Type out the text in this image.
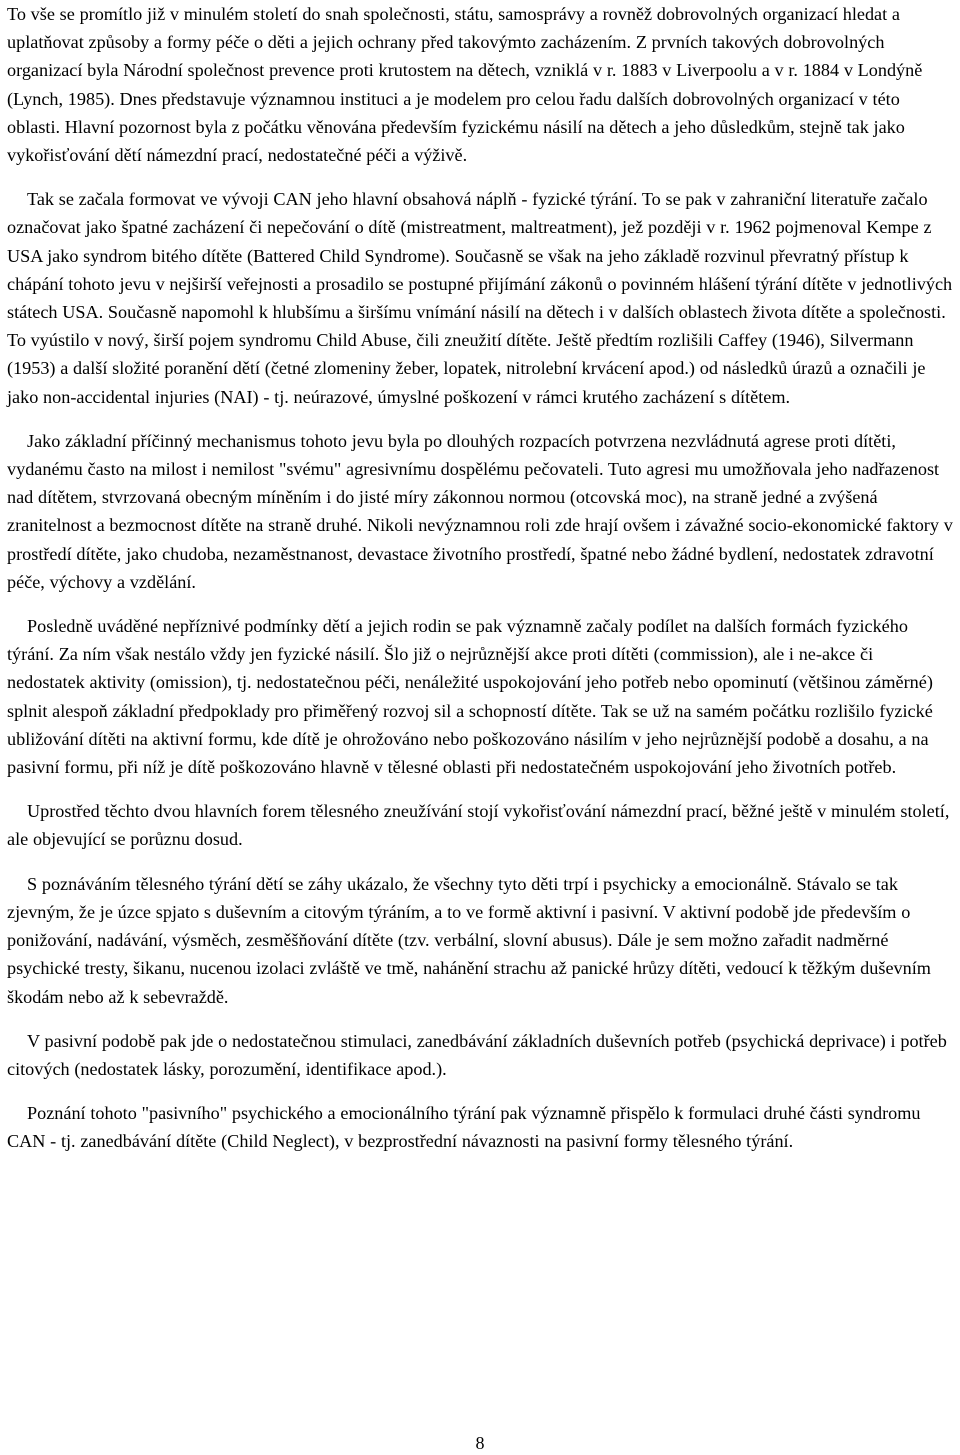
To vše se promítlo již v minulém století do snah společnosti, státu, samosprávy a rovněž dobrovolných organizací hledat a uplatňovat způsoby a formy péče o děti a jejich ochrany před takovýmto zacházením. Z prvních takových dobrovolných organizací byla Národní společnost prevence proti krutostem na dětech, vzniklá v r. 1883 v Liverpoolu a v r. 1884 v Londýně (Lynch, 1985). Dnes představuje významnou instituci a je modelem pro celou řadu dalších dobrovolných organizací v této oblasti. Hlavní pozornost byla z počátku věnována především fyzickému násilí na dětech a jeho důsledkům, stejně tak jako vykořisťování dětí námezdní prací, nedostatečné péči a výživě.

Tak se začala formovat ve vývoji CAN jeho hlavní obsahová náplň - fyzické týrání. To se pak v zahraniční literatuře začalo označovat jako špatné zacházení či nepečování o dítě (mistreatment, maltreatment), jež později v r. 1962 pojmenoval Kempe z USA jako syndrom bitého dítěte (Battered Child Syndrome). Současně se však na jeho základě rozvinul převratný přístup k chápání tohoto jevu v nejširší veřejnosti a prosadilo se postupné přijímání zákonů o povinném hlášení týrání dítěte v jednotlivých státech USA. Současně napomohl k hlubšímu a širšímu vnímání násilí na dětech i v dalších oblastech života dítěte a společnosti. To vyústilo v nový, širší pojem syndromu Child Abuse, čili zneužití dítěte. Ještě předtím rozlišili Caffey (1946), Silvermann (1953) a další složité poranění dětí (četné zlomeniny žeber, lopatek, nitrolební krvácení apod.) od následků úrazů a označili je jako non-accidental injuries (NAI) - tj. neúrazové, úmyslné poškození v rámci krutého zacházení s dítětem.

Jako základní příčinný mechanismus tohoto jevu byla po dlouhých rozpacích potvrzena nezvládnutá agrese proti dítěti, vydanému často na milost i nemilost "svému" agresivnímu dospělému pečovateli. Tuto agresi mu umožňovala jeho nadřazenost nad dítětem, stvrzovaná obecným míněním i do jisté míry zákonnou normou (otcovská moc), na straně jedné a zvýšená zranitelnost a bezmocnost dítěte na straně druhé. Nikoli nevýznamnou roli zde hrají ovšem i závažné socio-ekonomické faktory v prostředí dítěte, jako chudoba, nezaměstnanost, devastace životního prostředí, špatné nebo žádné bydlení, nedostatek zdravotní péče, výchovy a vzdělání.

Posledně uváděné nepříznivé podmínky dětí a jejich rodin se pak významně začaly podílet na dalších formách fyzického týrání. Za ním však nestálo vždy jen fyzické násilí. Šlo již o nejrůznější akce proti dítěti (commission), ale i ne-akce či nedostatek aktivity (omission), tj. nedostatečnou péči, nenáležité uspokojování jeho potřeb nebo opominutí (většinou záměrné) splnit alespoň základní předpoklady pro přiměřený rozvoj sil a schopností dítěte. Tak se už na samém počátku rozlišilo fyzické ubližování dítěti na aktivní formu, kde dítě je ohrožováno nebo poškozováno násilím v jeho nejrůznější podobě a dosahu, a na pasivní formu, při níž je dítě poškozováno hlavně v tělesné oblasti při nedostatečném uspokojování jeho životních potřeb.

Uprostřed těchto dvou hlavních forem tělesného zneužívání stojí vykořisťování námezdní prací, běžné ještě v minulém století, ale objevující se porůznu dosud.

S poznáváním tělesného týrání dětí se záhy ukázalo, že všechny tyto děti trpí i psychicky a emocionálně. Stávalo se tak zjevným, že je úzce spjato s duševním a citovým týráním, a to ve formě aktivní i pasivní. V aktivní podobě jde především o ponižování, nadávání, výsměch, zesměšňování dítěte (tzv. verbální, slovní abusus). Dále je sem možno zařadit nadměrné psychické tresty, šikanu, nucenou izolaci zvláště ve tmě, nahánění strachu až panické hrůzy dítěti, vedoucí k těžkým duševním škodám nebo až k sebevraždě.

V pasivní podobě pak jde o nedostatečnou stimulaci, zanedbávání základních duševních potřeb (psychická deprivace) i potřeb citových (nedostatek lásky, porozumění, identifikace apod.).

Poznání tohoto "pasivního" psychického a emocionálního týrání pak významně přispělo k formulaci druhé části syndromu CAN - tj. zanedbávání dítěte (Child Neglect), v bezprostřední návaznosti na pasivní formy tělesného týrání.

8
